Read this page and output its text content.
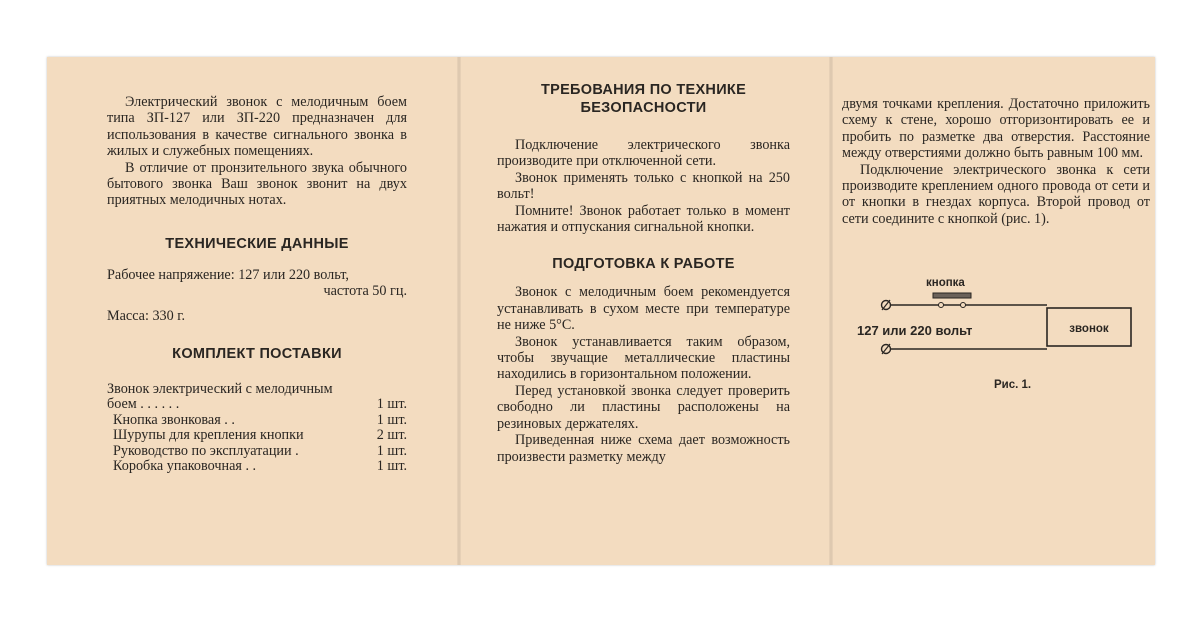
Электрический звонок с мелодичным боем типа ЗП-127 или ЗП-220 предназначен для использования в качестве сигнального звонка в жилых и служебных помещениях.

В отличие от пронзительного звука обычного бытового звонка Ваш звонок звонит на двух приятных мелодичных нотах.

ТЕХНИЧЕСКИЕ ДАННЫЕ

Рабочее напряжение: 127 или 220 вольт,

частота 50 гц.

Масса: 330 г.

КОМПЛЕКТ ПОСТАВКИ

Звонок электрический с мелодичным

боем . . . . . .	1 шт.
Кнопка звонковая . .	1 шт.
Шурупы для крепления кнопки	2 шт.
Руководство по эксплуатации .	1 шт.
Коробка упаковочная . .	1 шт.

ТРЕБОВАНИЯ ПО ТЕХНИКЕ БЕЗОПАСНОСТИ

Подключение электрического звонка производите при отключенной сети.

Звонок применять только с кнопкой на 250 вольт!

Помните! Звонок работает только в момент нажатия и отпускания сигнальной кнопки.

ПОДГОТОВКА К РАБОТЕ

Звонок с мелодичным боем рекомендуется устанавливать в сухом месте при температуре не ниже 5°С.

Звонок устанавливается таким образом, чтобы звучащие металлические пластины находились в горизонтальном положении.

Перед установкой звонка следует проверить свободно ли пластины расположены на резиновых держателях.

Приведенная ниже схема дает возможность произвести разметку между

двумя точками крепления. Достаточно приложить схему к стене, хорошо отгоризонтировать ее и пробить по разметке два отверстия. Расстояние между отверстиями должно быть равным 100 мм.

Подключение электрического звонка к сети производите креплением одного провода от сети и от кнопки в гнездах корпуса. Второй провод от сети соедините с кнопкой (рис. 1).

кнопка
127 или 220 вольт	звонок
Рис. 1.
